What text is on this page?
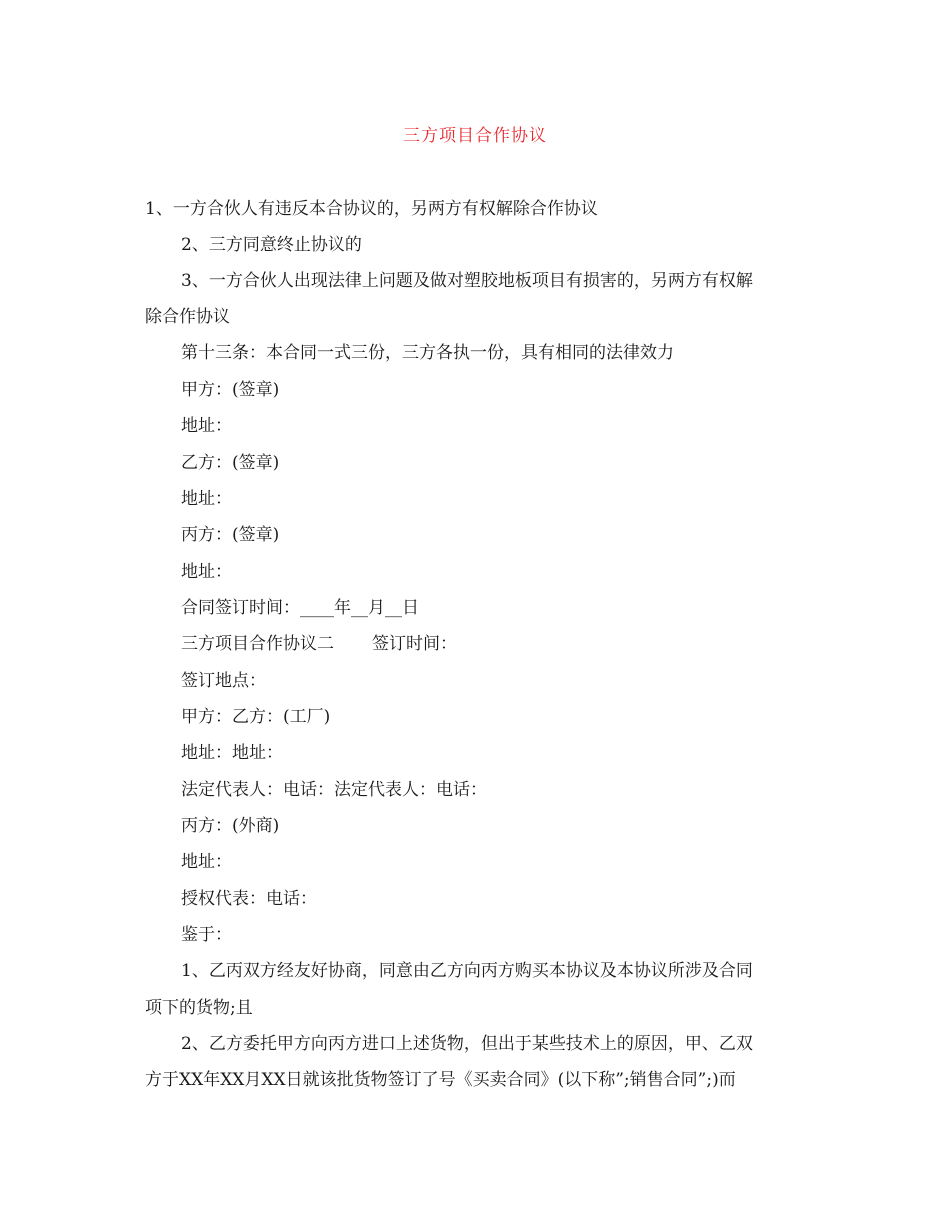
三方项目合作协议
1、一方合伙人有违反本合协议的，另两方有权解除合作协议
2、三方同意终止协议的
3、一方合伙人出现法律上问题及做对塑胶地板项目有损害的，另两方有权解
除合作协议
第十三条：本合同一式三份，三方各执一份，具有相同的法律效力
甲方：(签章)
地址：
乙方：(签章)
地址：
丙方：(签章)
地址：
合同签订时间：____年__月__日
三方项目合作协议二 签订时间：
签订地点：
甲方：乙方：(工厂)
地址：地址：
法定代表人：电话：法定代表人：电话：
丙方：(外商)
地址：
授权代表：电话：
鉴于：
1、乙丙双方经友好协商，同意由乙方向丙方购买本协议及本协议所涉及合同
项下的货物;且
2、乙方委托甲方向丙方进口上述货物，但出于某些技术上的原因，甲、乙双
方于XX年XX月XX日就该批货物签订了号《买卖合同》(以下称”;销售合同”;)而
